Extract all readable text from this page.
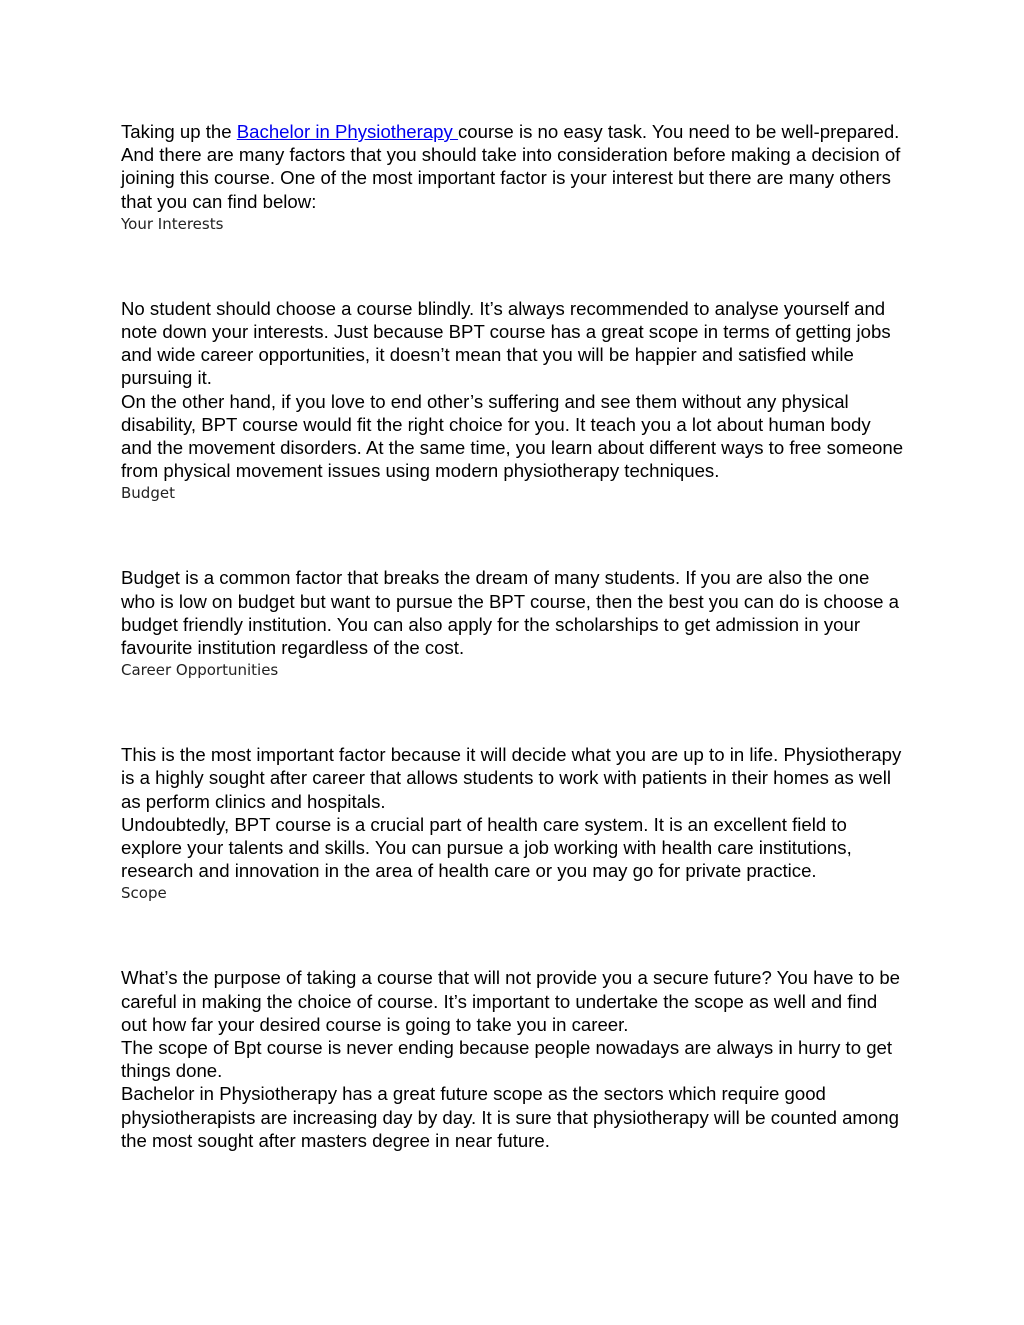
Taking up the Bachelor in Physiotherapy course is no easy task. You need to be well-prepared. And there are many factors that you should take into consideration before making a decision of joining this course. One of the most important factor is your interest but there are many others that you can find below:

Your Interests

No student should choose a course blindly. It’s always recommended to analyse yourself and note down your interests. Just because BPT course has a great scope in terms of getting jobs and wide career opportunities, it doesn’t mean that you will be happier and satisfied while pursuing it.

On the other hand, if you love to end other’s suffering and see them without any physical disability, BPT course would fit the right choice for you. It teach you a lot about human body and the movement disorders. At the same time, you learn about different ways to free someone from physical movement issues using modern physiotherapy techniques.

Budget

Budget is a common factor that breaks the dream of many students. If you are also the one who is low on budget but want to pursue the BPT course, then the best you can do is choose a budget friendly institution. You can also apply for the scholarships to get admission in your favourite institution regardless of the cost.

Career Opportunities

This is the most important factor because it will decide what you are up to in life. Physiotherapy is a highly sought after career that allows students to work with patients in their homes as well as perform clinics and hospitals.

Undoubtedly, BPT course is a crucial part of health care system. It is an excellent field to explore your talents and skills. You can pursue a job working with health care institutions, research and innovation in the area of health care or you may go for private practice.

Scope

What’s the purpose of taking a course that will not provide you a secure future? You have to be careful in making the choice of course. It’s important to undertake the scope as well and find out how far your desired course is going to take you in career.

The scope of Bpt course is never ending because people nowadays are always in hurry to get things done.

Bachelor in Physiotherapy has a great future scope as the sectors which require good physiotherapists are increasing day by day. It is sure that physiotherapy will be counted among the most sought after masters degree in near future.
